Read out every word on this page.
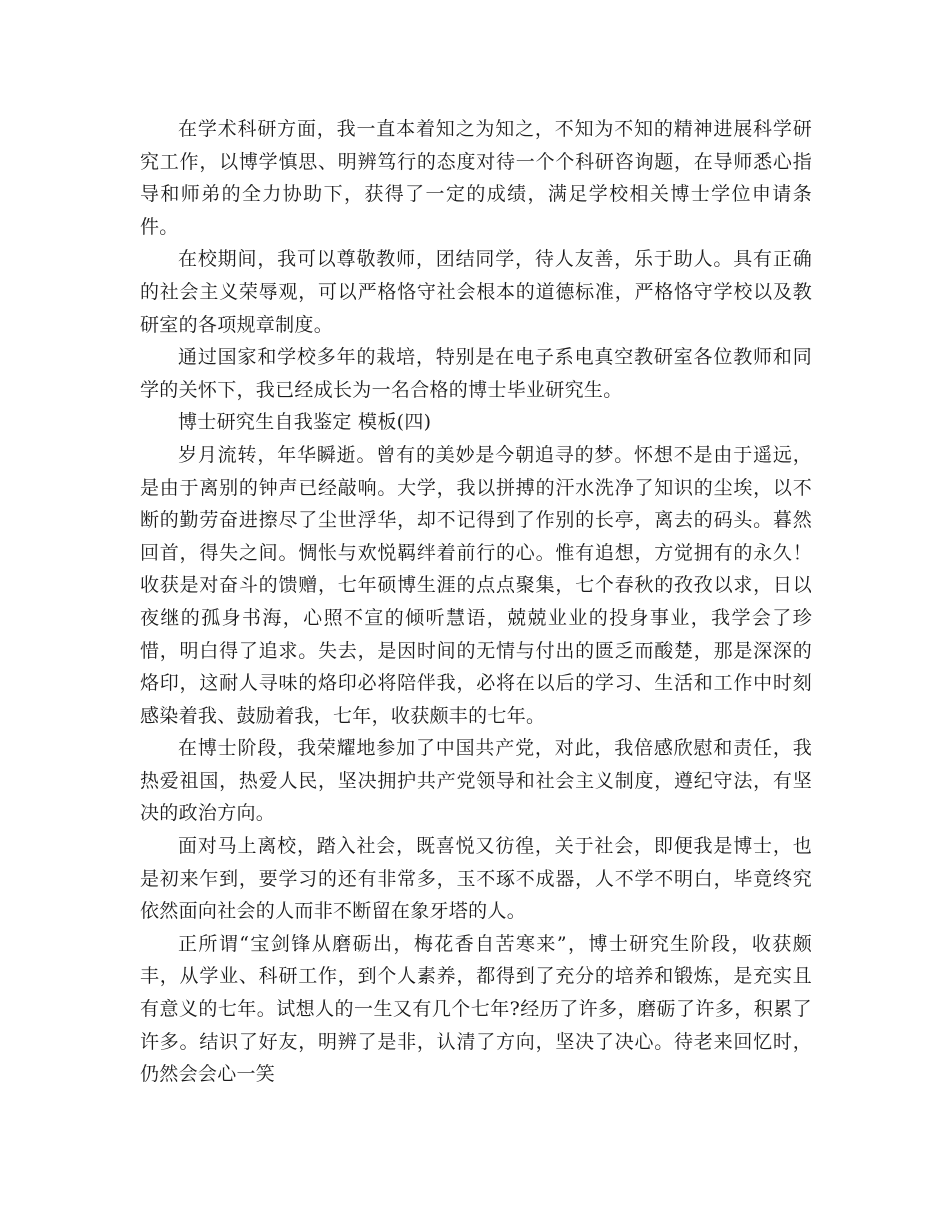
在学术科研方面，我一直本着知之为知之，不知为不知的精神进展科学研究工作，以博学慎思、明辨笃行的态度对待一个个科研咨询题，在导师悉心指导和师弟的全力协助下，获得了一定的成绩，满足学校相关博士学位申请条件。

在校期间，我可以尊敬教师，团结同学，待人友善，乐于助人。具有正确的社会主义荣辱观，可以严格恪守社会根本的道德标准，严格恪守学校以及教研室的各项规章制度。

通过国家和学校多年的栽培，特别是在电子系电真空教研室各位教师和同学的关怀下，我已经成长为一名合格的博士毕业研究生。

博士研究生自我鉴定 模板(四)

岁月流转，年华瞬逝。曾有的美妙是今朝追寻的梦。怀想不是由于遥远，是由于离别的钟声已经敲响。大学，我以拼搏的汗水洗净了知识的尘埃，以不断的勤劳奋进擦尽了尘世浮华，却不记得到了作别的长亭，离去的码头。暮然回首，得失之间。惆怅与欢悦羁绊着前行的心。惟有追想，方觉拥有的永久！收获是对奋斗的馈赠，七年硕博生涯的点点聚集，七个春秋的孜孜以求，日以夜继的孤身书海，心照不宣的倾听慧语，兢兢业业的投身事业，我学会了珍惜，明白得了追求。失去，是因时间的无情与付出的匮乏而酸楚，那是深深的烙印，这耐人寻味的烙印必将陪伴我，必将在以后的学习、生活和工作中时刻感染着我、鼓励着我，七年，收获颇丰的七年。

在博士阶段，我荣耀地参加了中国共产党，对此，我倍感欣慰和责任，我热爱祖国，热爱人民，坚决拥护共产党领导和社会主义制度，遵纪守法，有坚决的政治方向。

面对马上离校，踏入社会，既喜悦又彷徨，关于社会，即便我是博士，也是初来乍到，要学习的还有非常多，玉不琢不成器，人不学不明白，毕竟终究依然面向社会的人而非不断留在象牙塔的人。

正所谓“宝剑锋从磨砺出，梅花香自苦寒来”，博士研究生阶段，收获颇丰，从学业、科研工作，到个人素养，都得到了充分的培养和锻炼，是充实且有意义的七年。试想人的一生又有几个七年?经历了许多，磨砺了许多，积累了许多。结识了好友，明辨了是非，认清了方向，坚决了决心。待老来回忆时，仍然会会心一笑
